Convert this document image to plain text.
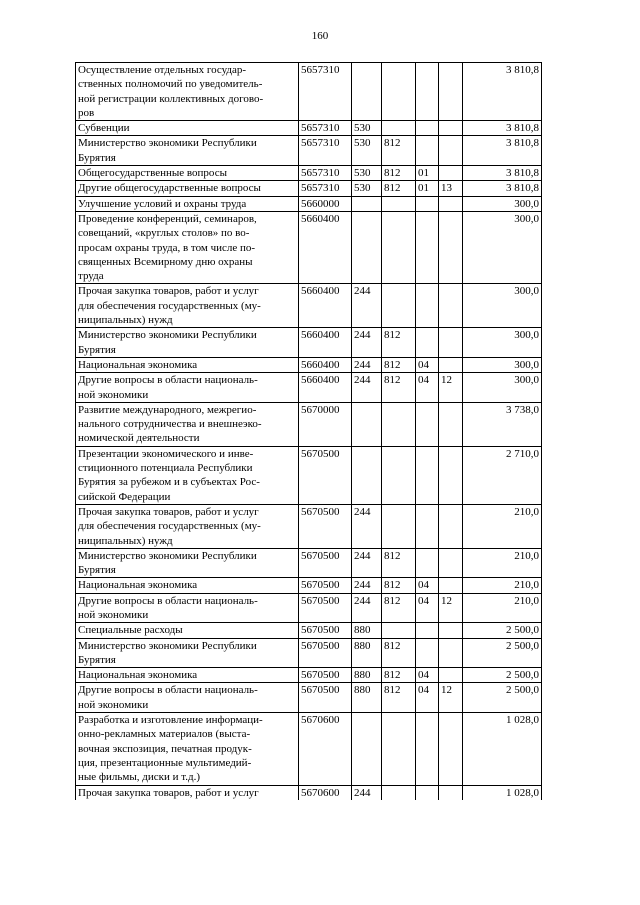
160
Осуществление отдельных государ-
ственных полномочий по уведомитель-
ной регистрации коллективных догово-
ров	5657310					3 810,8
Субвенции	5657310	530				3 810,8
Министерство экономики Республики
Бурятия	5657310	530	812			3 810,8
Общегосударственные вопросы	5657310	530	812	01		3 810,8
Другие общегосударственные вопросы	5657310	530	812	01	13	3 810,8
Улучшение условий и охраны труда	5660000					300,0
Проведение конференций, семинаров,
совещаний, «круглых столов» по во-
просам охраны труда, в том числе по-
священных Всемирному дню охраны
труда	5660400					300,0
Прочая закупка товаров, работ и услуг
для обеспечения государственных (му-
ниципальных) нужд	5660400	244				300,0
Министерство экономики Республики
Бурятия	5660400	244	812			300,0
Национальная экономика	5660400	244	812	04		300,0
Другие вопросы в области националь-
ной экономики	5660400	244	812	04	12	300,0
Развитие международного, межрегио-
нального сотрудничества и внешнеэко-
номической деятельности	5670000					3 738,0
Презентации экономического и инве-
стиционного потенциала Республики
Бурятия за рубежом и в субъектах Рос-
сийской Федерации	5670500					2 710,0
Прочая закупка товаров, работ и услуг
для обеспечения государственных (му-
ниципальных) нужд	5670500	244				210,0
Министерство экономики Республики
Бурятия	5670500	244	812			210,0
Национальная экономика	5670500	244	812	04		210,0
Другие вопросы в области националь-
ной экономики	5670500	244	812	04	12	210,0
Специальные расходы	5670500	880				2 500,0
Министерство экономики Республики
Бурятия	5670500	880	812			2 500,0
Национальная экономика	5670500	880	812	04		2 500,0
Другие вопросы в области националь-
ной экономики	5670500	880	812	04	12	2 500,0
Разработка и изготовление информаци-
онно-рекламных материалов (выста-
вочная экспозиция, печатная продук-
ция, презентационные мультимедий-
ные фильмы, диски и т.д.)	5670600					1 028,0
Прочая закупка товаров, работ и услуг	5670600	244				1 028,0
